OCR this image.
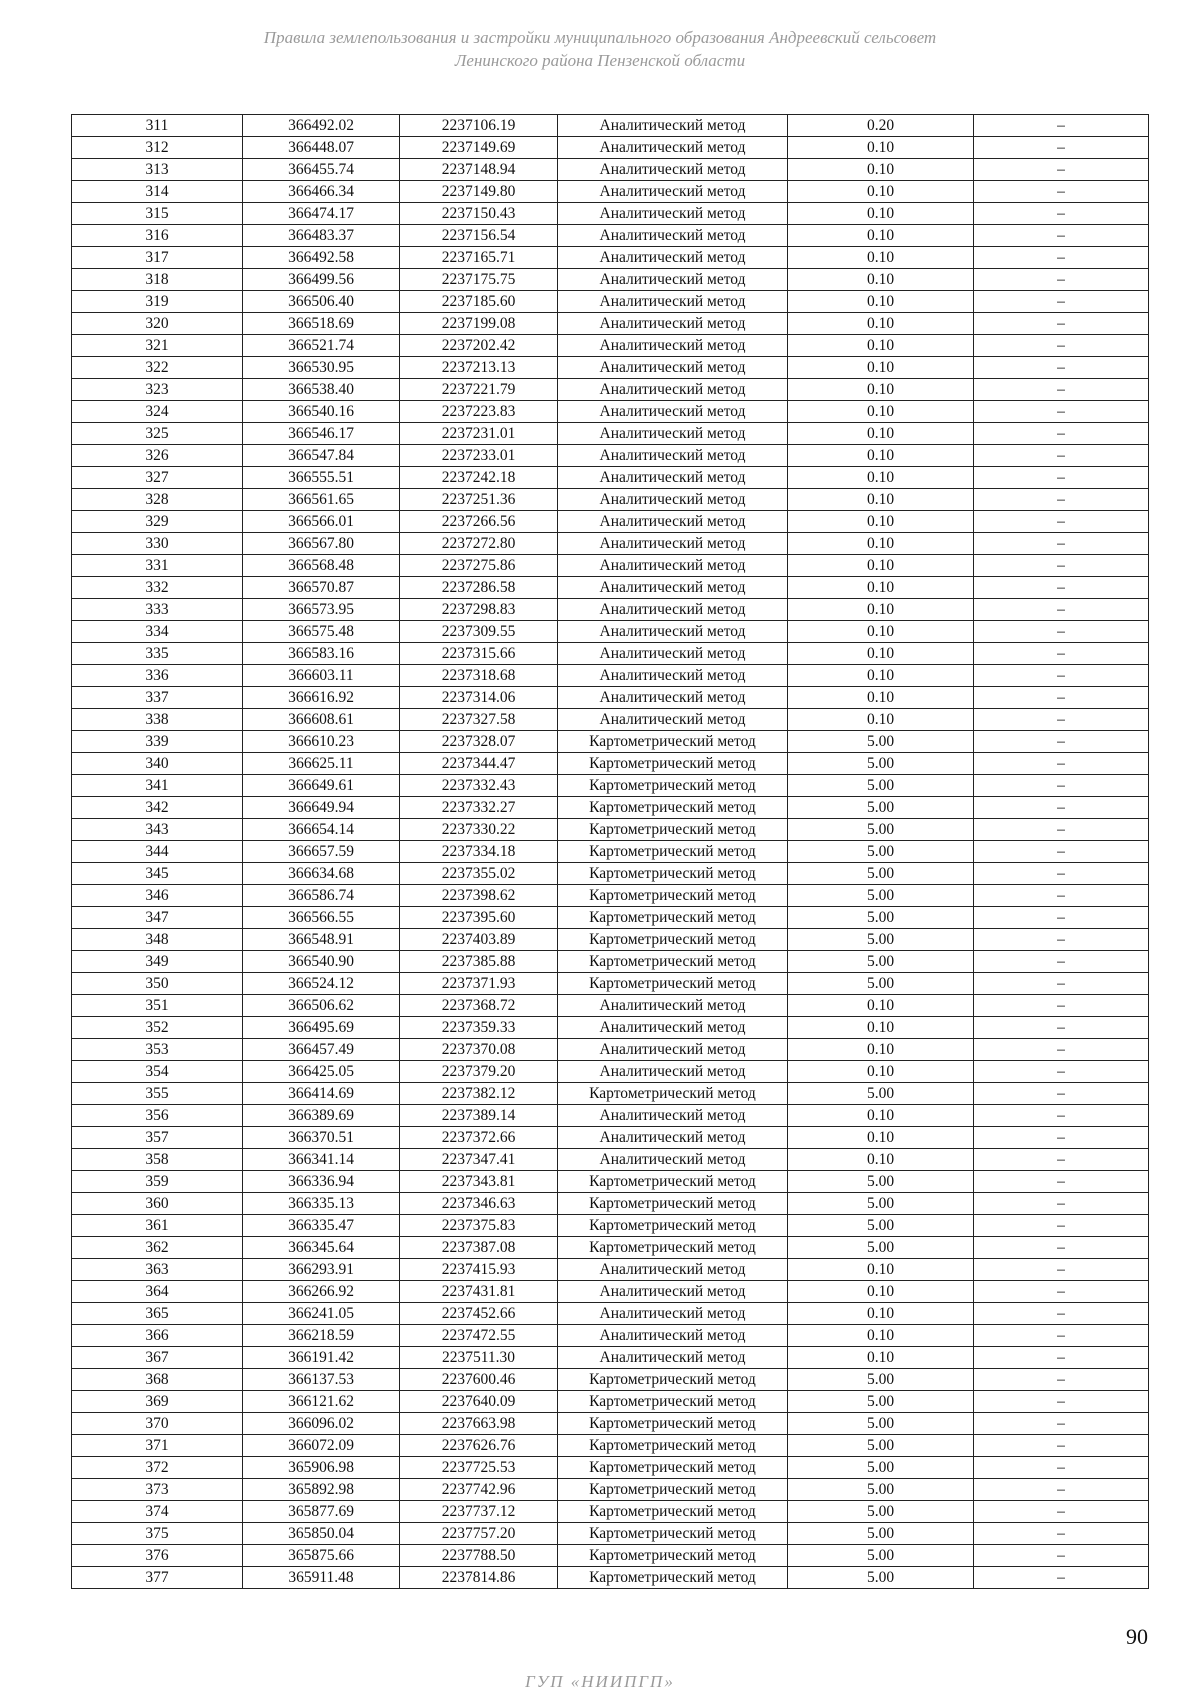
Правила землепользования и застройки муниципального образования Андреевский сельсовет
Ленинского района Пензенской области
311	366492.02	2237106.19	Аналитический метод	0.20	–
312	366448.07	2237149.69	Аналитический метод	0.10	–
313	366455.74	2237148.94	Аналитический метод	0.10	–
314	366466.34	2237149.80	Аналитический метод	0.10	–
315	366474.17	2237150.43	Аналитический метод	0.10	–
316	366483.37	2237156.54	Аналитический метод	0.10	–
317	366492.58	2237165.71	Аналитический метод	0.10	–
318	366499.56	2237175.75	Аналитический метод	0.10	–
319	366506.40	2237185.60	Аналитический метод	0.10	–
320	366518.69	2237199.08	Аналитический метод	0.10	–
321	366521.74	2237202.42	Аналитический метод	0.10	–
322	366530.95	2237213.13	Аналитический метод	0.10	–
323	366538.40	2237221.79	Аналитический метод	0.10	–
324	366540.16	2237223.83	Аналитический метод	0.10	–
325	366546.17	2237231.01	Аналитический метод	0.10	–
326	366547.84	2237233.01	Аналитический метод	0.10	–
327	366555.51	2237242.18	Аналитический метод	0.10	–
328	366561.65	2237251.36	Аналитический метод	0.10	–
329	366566.01	2237266.56	Аналитический метод	0.10	–
330	366567.80	2237272.80	Аналитический метод	0.10	–
331	366568.48	2237275.86	Аналитический метод	0.10	–
332	366570.87	2237286.58	Аналитический метод	0.10	–
333	366573.95	2237298.83	Аналитический метод	0.10	–
334	366575.48	2237309.55	Аналитический метод	0.10	–
335	366583.16	2237315.66	Аналитический метод	0.10	–
336	366603.11	2237318.68	Аналитический метод	0.10	–
337	366616.92	2237314.06	Аналитический метод	0.10	–
338	366608.61	2237327.58	Аналитический метод	0.10	–
339	366610.23	2237328.07	Картометрический метод	5.00	–
340	366625.11	2237344.47	Картометрический метод	5.00	–
341	366649.61	2237332.43	Картометрический метод	5.00	–
342	366649.94	2237332.27	Картометрический метод	5.00	–
343	366654.14	2237330.22	Картометрический метод	5.00	–
344	366657.59	2237334.18	Картометрический метод	5.00	–
345	366634.68	2237355.02	Картометрический метод	5.00	–
346	366586.74	2237398.62	Картометрический метод	5.00	–
347	366566.55	2237395.60	Картометрический метод	5.00	–
348	366548.91	2237403.89	Картометрический метод	5.00	–
349	366540.90	2237385.88	Картометрический метод	5.00	–
350	366524.12	2237371.93	Картометрический метод	5.00	–
351	366506.62	2237368.72	Аналитический метод	0.10	–
352	366495.69	2237359.33	Аналитический метод	0.10	–
353	366457.49	2237370.08	Аналитический метод	0.10	–
354	366425.05	2237379.20	Аналитический метод	0.10	–
355	366414.69	2237382.12	Картометрический метод	5.00	–
356	366389.69	2237389.14	Аналитический метод	0.10	–
357	366370.51	2237372.66	Аналитический метод	0.10	–
358	366341.14	2237347.41	Аналитический метод	0.10	–
359	366336.94	2237343.81	Картометрический метод	5.00	–
360	366335.13	2237346.63	Картометрический метод	5.00	–
361	366335.47	2237375.83	Картометрический метод	5.00	–
362	366345.64	2237387.08	Картометрический метод	5.00	–
363	366293.91	2237415.93	Аналитический метод	0.10	–
364	366266.92	2237431.81	Аналитический метод	0.10	–
365	366241.05	2237452.66	Аналитический метод	0.10	–
366	366218.59	2237472.55	Аналитический метод	0.10	–
367	366191.42	2237511.30	Аналитический метод	0.10	–
368	366137.53	2237600.46	Картометрический метод	5.00	–
369	366121.62	2237640.09	Картометрический метод	5.00	–
370	366096.02	2237663.98	Картометрический метод	5.00	–
371	366072.09	2237626.76	Картометрический метод	5.00	–
372	365906.98	2237725.53	Картометрический метод	5.00	–
373	365892.98	2237742.96	Картометрический метод	5.00	–
374	365877.69	2237737.12	Картометрический метод	5.00	–
375	365850.04	2237757.20	Картометрический метод	5.00	–
376	365875.66	2237788.50	Картометрический метод	5.00	–
377	365911.48	2237814.86	Картометрический метод	5.00	–
90
ГУП «НИИПГП»
